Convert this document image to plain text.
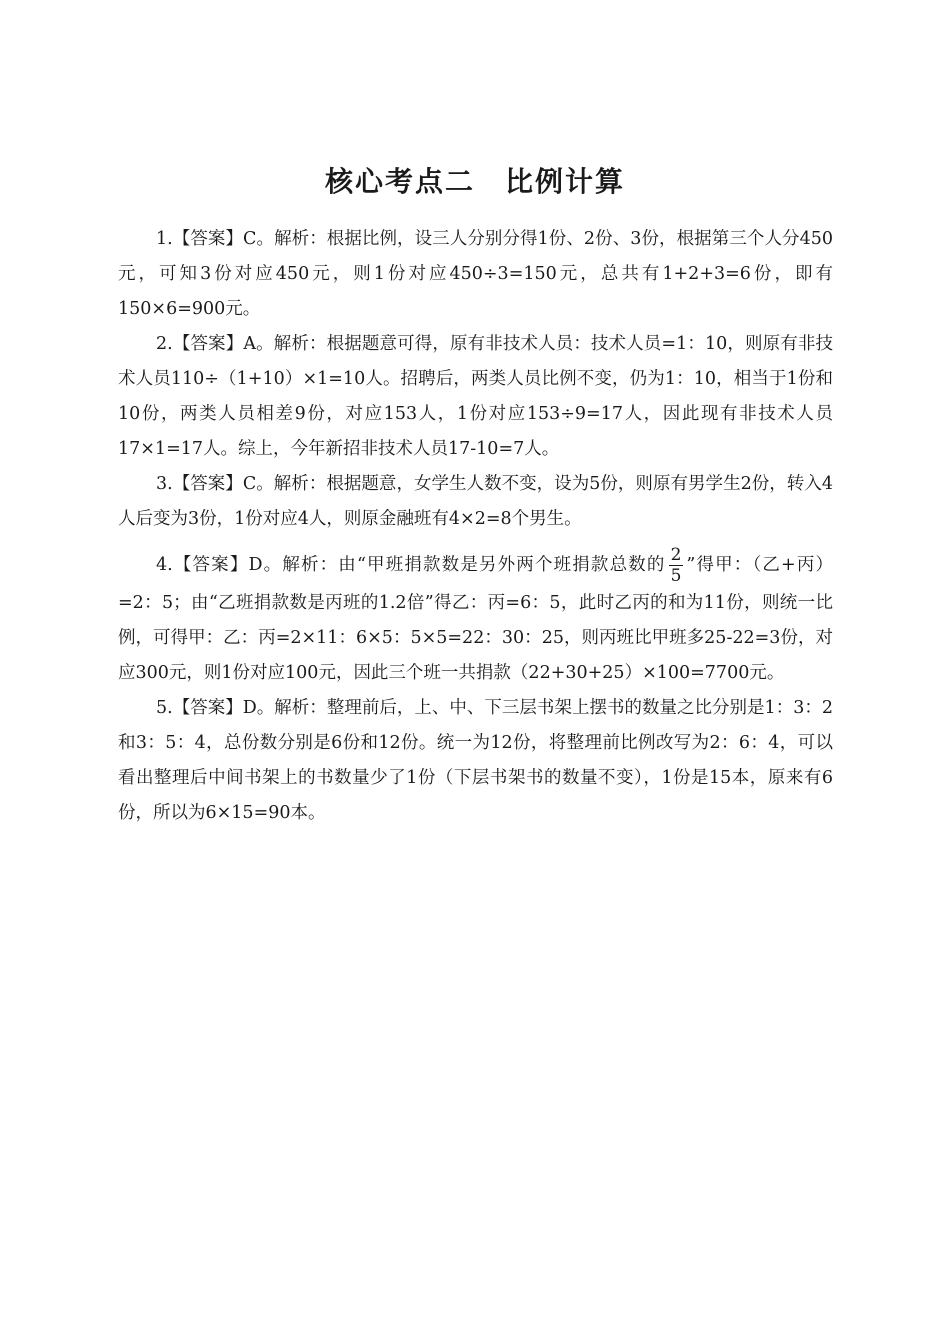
核心考点二　比例计算

1.【答案】C。解析：根据比例，设三人分别分得1份、2份、3份，根据第三个人分450元，可知3份对应450元，则1份对应450÷3=150元，总共有1+2+3=6份，即有150×6=900元。

2.【答案】A。解析：根据题意可得，原有非技术人员：技术人员=1：10，则原有非技术人员110÷（1+10）×1=10人。招聘后，两类人员比例不变，仍为1：10，相当于1份和10份，两类人员相差9份，对应153人，1份对应153÷9=17人，因此现有非技术人员17×1=17人。综上，今年新招非技术人员17-10=7人。

3.【答案】C。解析：根据题意，女学生人数不变，设为5份，则原有男学生2份，转入4人后变为3份，1份对应4人，则原金融班有4×2=8个男生。

4.【答案】D。解析：由“甲班捐款数是另外两个班捐款总数的 $\frac{2}{5}$ ”得甲：（乙+丙）=2：5；由“乙班捐款数是丙班的1.2倍”得乙：丙=6：5，此时乙丙的和为11份，则统一比例，可得甲：乙：丙=2×11：6×5：5×5=22：30：25，则丙班比甲班多25-22=3份，对应300元，则1份对应100元，因此三个班一共捐款（22+30+25）×100=7700元。

5.【答案】D。解析：整理前后，上、中、下三层书架上摆书的数量之比分别是1：3：2和3：5：4，总份数分别是6份和12份。统一为12份，将整理前比例改写为2：6：4，可以看出整理后中间书架上的书数量少了1份（下层书架书的数量不变），1份是15本，原来有6份，所以为6×15=90本。
